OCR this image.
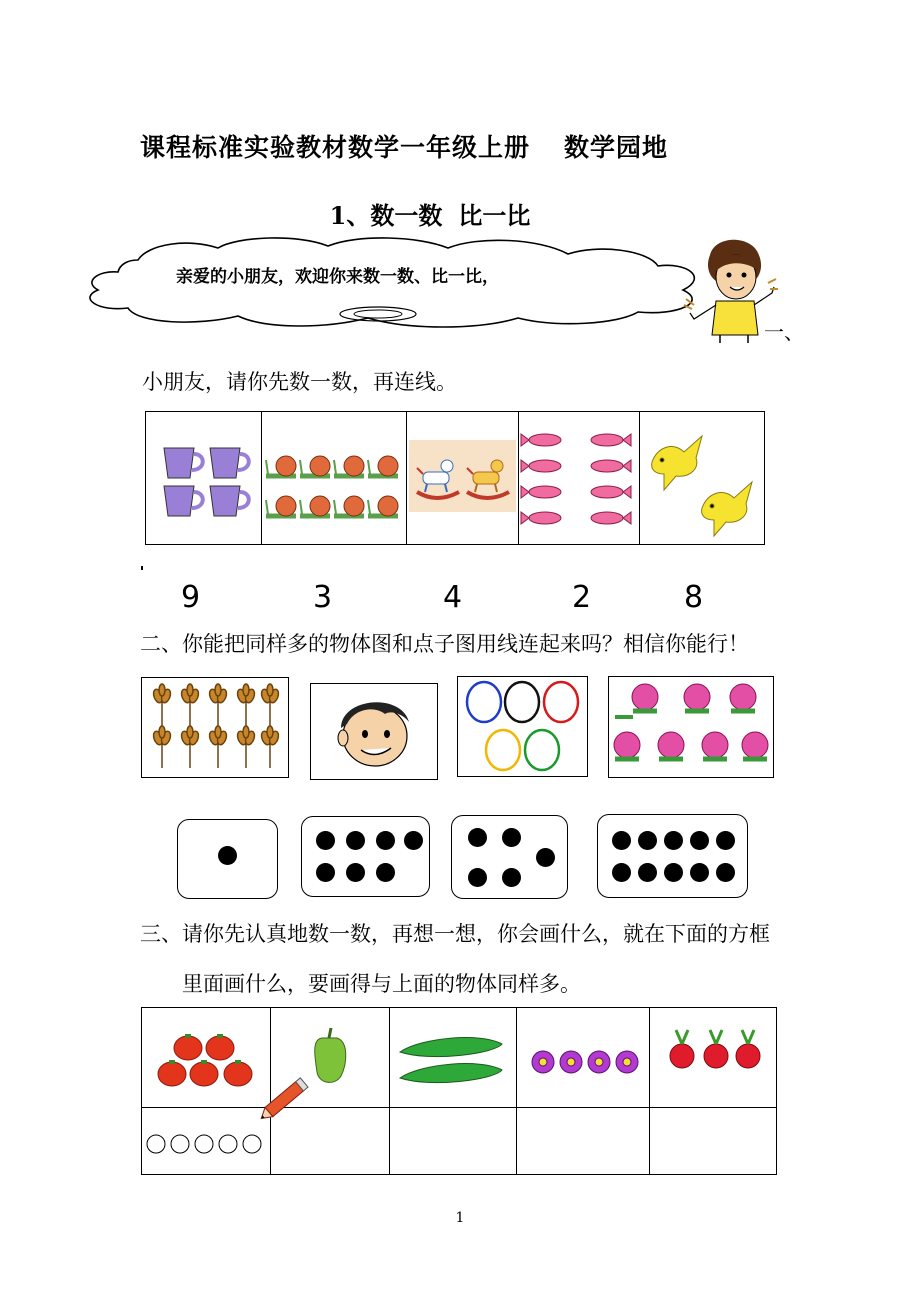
课程标准实验教材数学一年级上册 数学园地
1、数一数 比一比
亲爱的小朋友，欢迎你来数一数、比一比，
一、
小朋友，请你先数一数，再连线。

9	3	4	2	8
二、你能把同样多的物体图和点子图用线连起来吗？相信你能行！
三、请你先认真地数一数，再想一想，你会画什么，就在下面的方框
里面画什么，要画得与上面的物体同样多。

1
